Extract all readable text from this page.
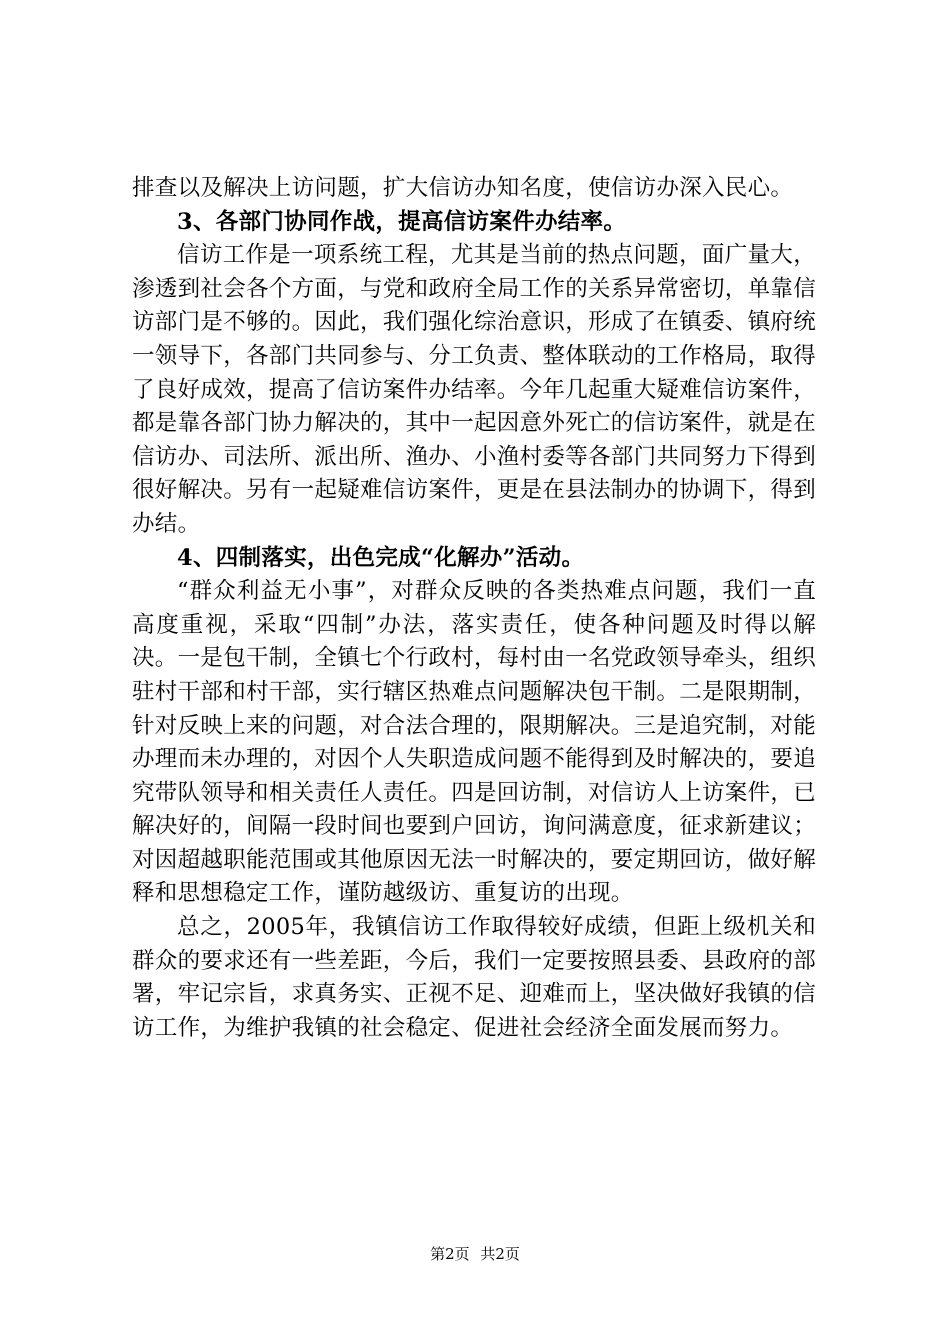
排查以及解决上访问题，扩大信访办知名度，使信访办深入民心。

3、各部门协同作战，提高信访案件办结率。

信访工作是一项系统工程，尤其是当前的热点问题，面广量大，渗透到社会各个方面，与党和政府全局工作的关系异常密切，单靠信访部门是不够的。因此，我们强化综治意识，形成了在镇委、镇府统一领导下，各部门共同参与、分工负责、整体联动的工作格局，取得了良好成效，提高了信访案件办结率。今年几起重大疑难信访案件，都是靠各部门协力解决的，其中一起因意外死亡的信访案件，就是在信访办、司法所、派出所、渔办、小渔村委等各部门共同努力下得到很好解决。另有一起疑难信访案件，更是在县法制办的协调下，得到办结。

4、四制落实，出色完成“化解办”活动。

“群众利益无小事”，对群众反映的各类热难点问题，我们一直高度重视，采取“四制”办法，落实责任，使各种问题及时得以解决。一是包干制，全镇七个行政村，每村由一名党政领导牵头，组织驻村干部和村干部，实行辖区热难点问题解决包干制。二是限期制，针对反映上来的问题，对合法合理的，限期解决。三是追究制，对能办理而未办理的，对因个人失职造成问题不能得到及时解决的，要追究带队领导和相关责任人责任。四是回访制，对信访人上访案件，已解决好的，间隔一段时间也要到户回访，询问满意度，征求新建议；对因超越职能范围或其他原因无法一时解决的，要定期回访，做好解释和思想稳定工作，谨防越级访、重复访的出现。

总之，2005年，我镇信访工作取得较好成绩，但距上级机关和群众的要求还有一些差距，今后，我们一定要按照县委、县政府的部署，牢记宗旨，求真务实、正视不足、迎难而上，坚决做好我镇的信访工作，为维护我镇的社会稳定、促进社会经济全面发展而努力。

第2页 共2页
